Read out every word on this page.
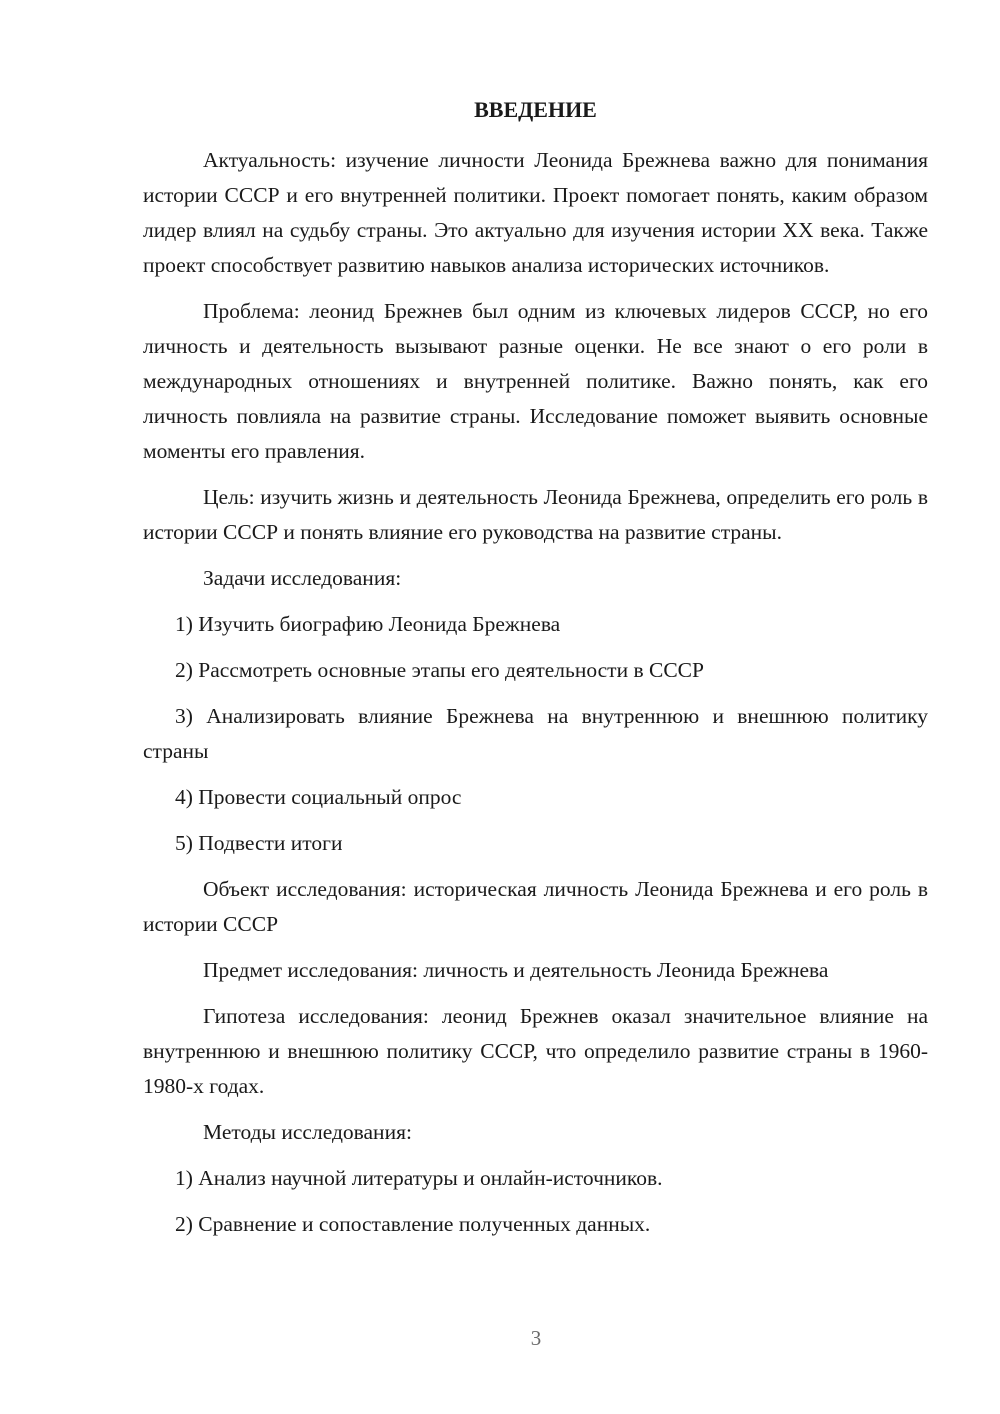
ВВЕДЕНИЕ

Актуальность: изучение личности Леонида Брежнева важно для понимания истории СССР и его внутренней политики. Проект помогает понять, каким образом лидер влиял на судьбу страны. Это актуально для изучения истории XX века. Также проект способствует развитию навыков анализа исторических источников.

Проблема: леонид Брежнев был одним из ключевых лидеров СССР, но его личность и деятельность вызывают разные оценки. Не все знают о его роли в международных отношениях и внутренней политике. Важно понять, как его личность повлияла на развитие страны. Исследование поможет выявить основные моменты его правления.

Цель: изучить жизнь и деятельность Леонида Брежнева, определить его роль в истории СССР и понять влияние его руководства на развитие страны.

Задачи исследования:

1) Изучить биографию Леонида Брежнева

2) Рассмотреть основные этапы его деятельности в СССР

3) Анализировать влияние Брежнева на внутреннюю и внешнюю политику страны

4) Провести социальный опрос

5) Подвести итоги

Объект исследования: историческая личность Леонида Брежнева и его роль в истории СССР

Предмет исследования: личность и деятельность Леонида Брежнева

Гипотеза исследования: леонид Брежнев оказал значительное влияние на внутреннюю и внешнюю политику СССР, что определило развитие страны в 1960-1980-х годах.

Методы исследования:

1) Анализ научной литературы и онлайн-источников.

2) Сравнение и сопоставление полученных данных.

3
